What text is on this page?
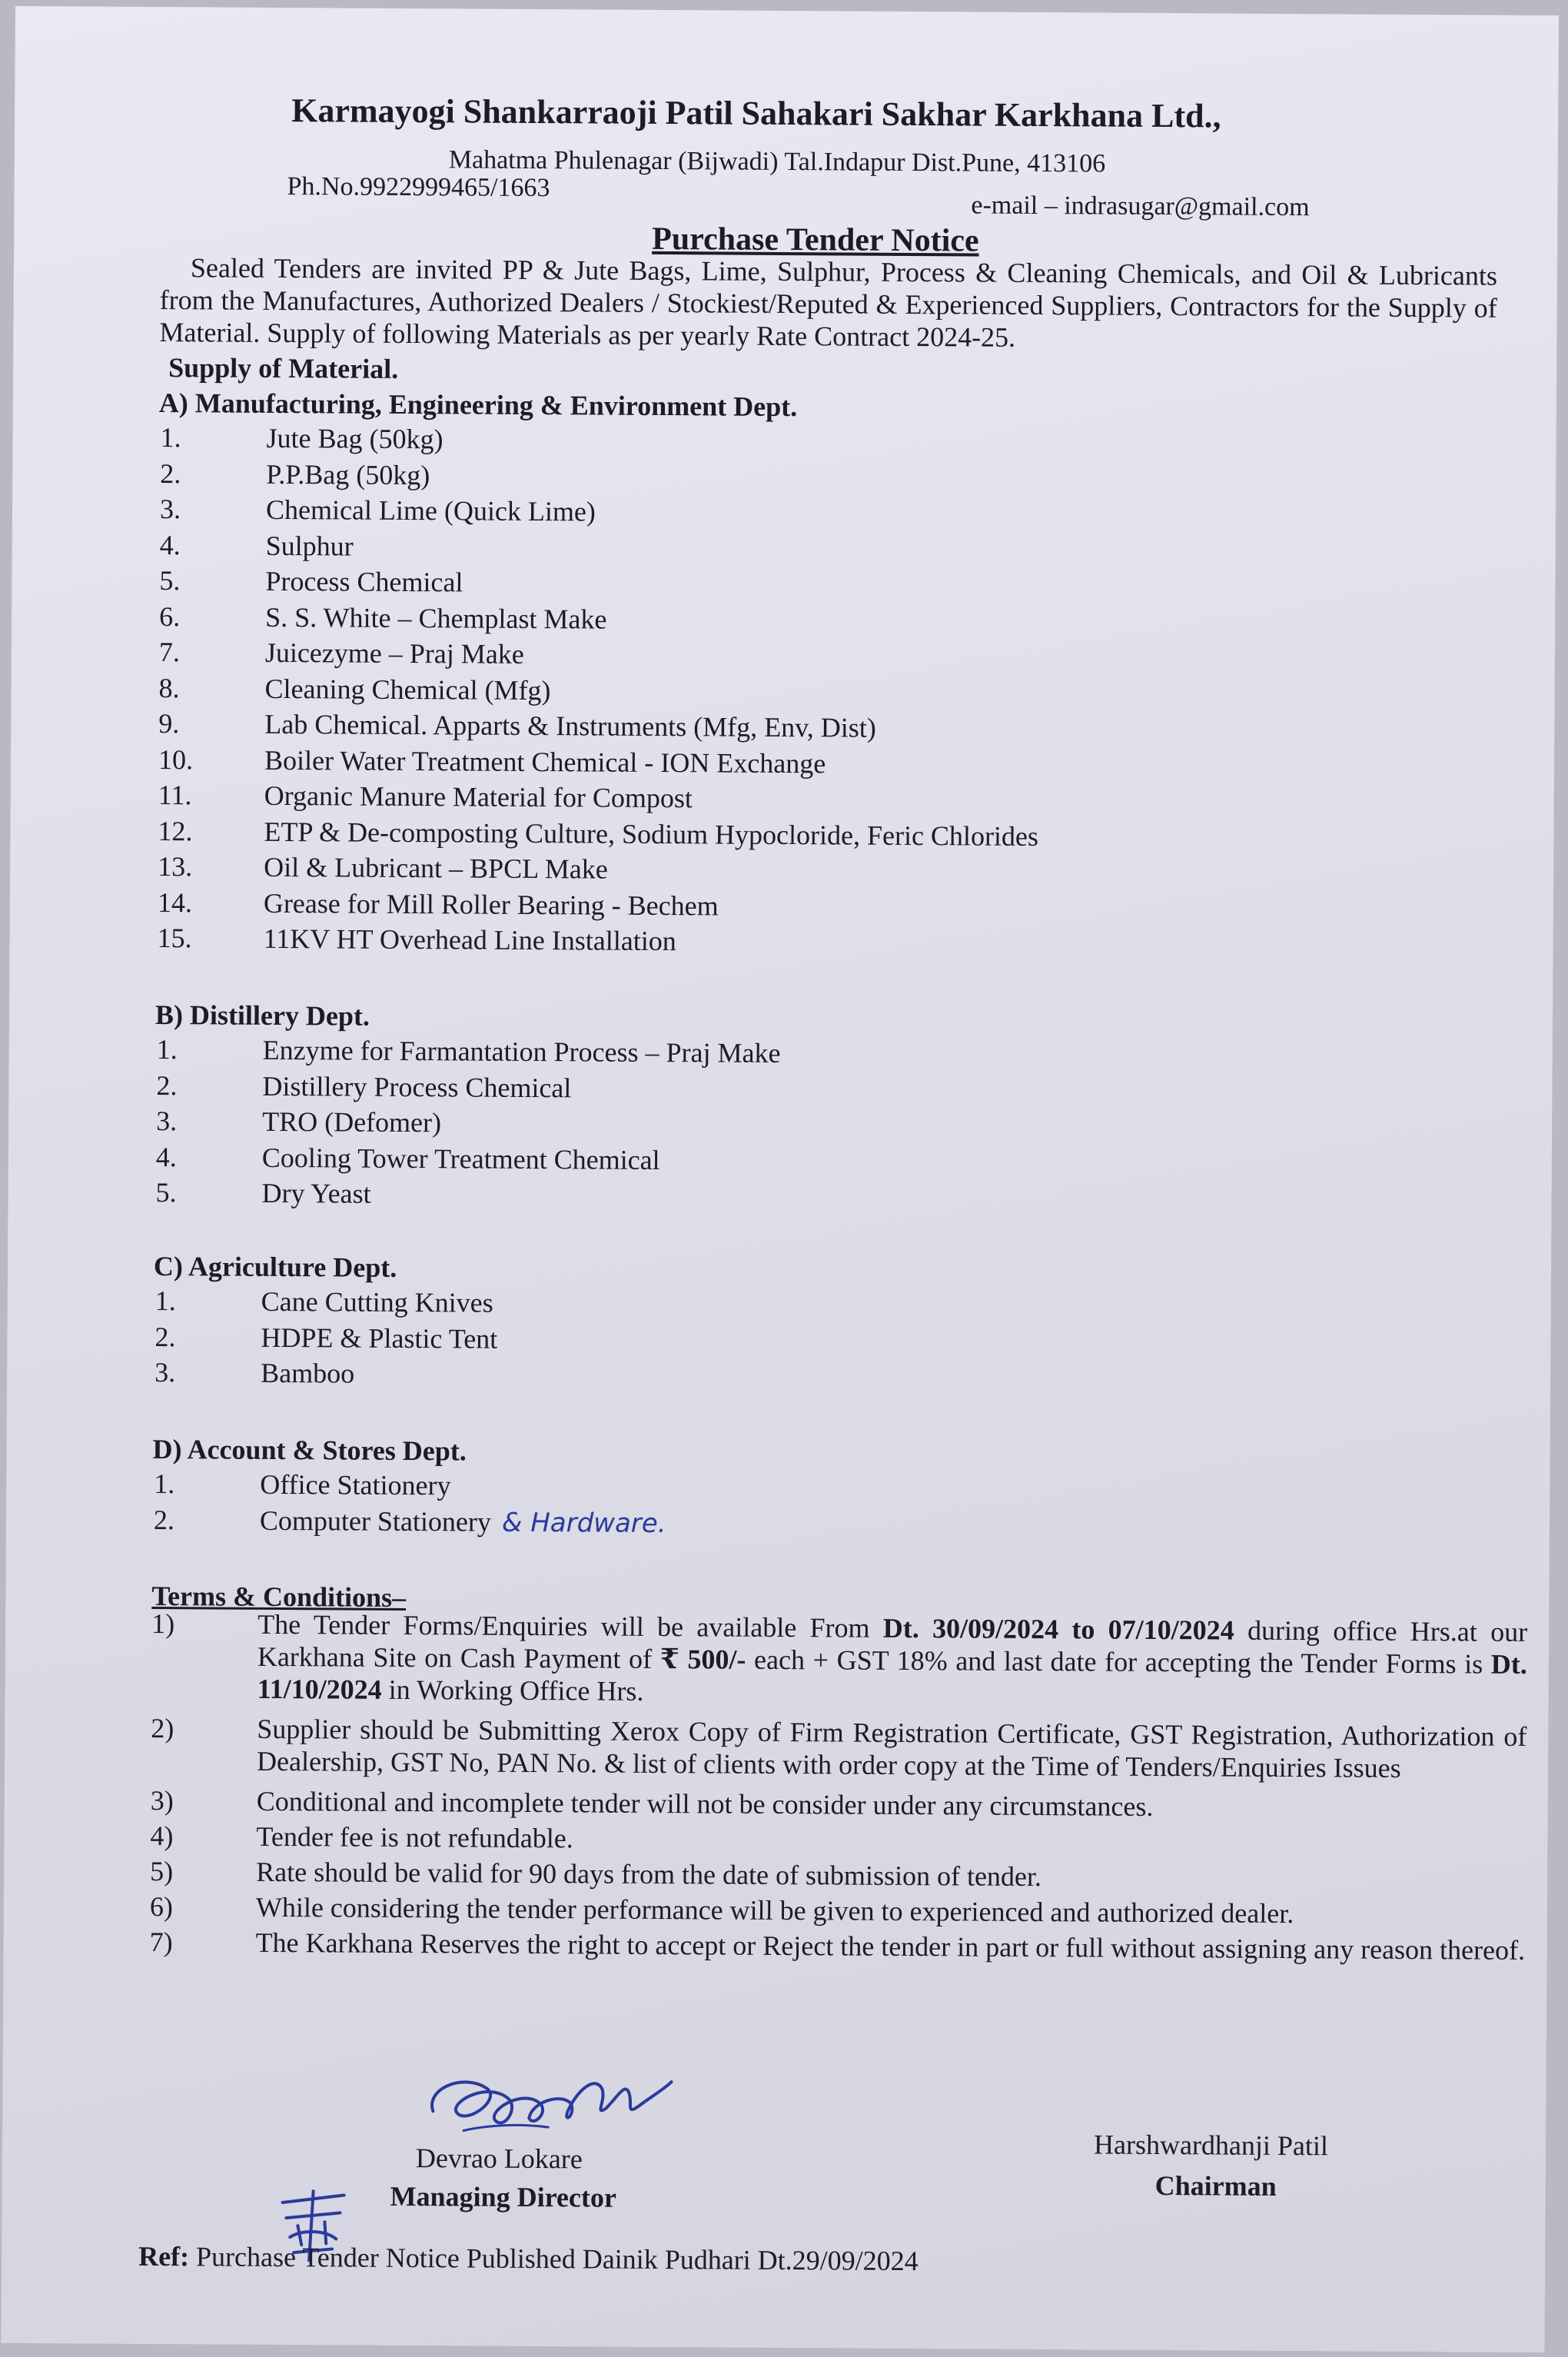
Karmayogi Shankarraoji Patil Sahakari Sakhar Karkhana Ltd.,
Mahatma Phulenagar (Bijwadi) Tal.Indapur Dist.Pune, 413106
Ph.No.9922999465/1663
e-mail – indrasugar@gmail.com
Purchase Tender Notice

Sealed Tenders are invited PP & Jute Bags, Lime, Sulphur, Process & Cleaning Chemicals, and Oil & Lubricants from the Manufactures, Authorized Dealers / Stockiest/Reputed & Experienced Suppliers, Contractors for the Supply of Material. Supply of following Materials as per yearly Rate Contract 2024-25.

Supply of Material.
A) Manufacturing, Engineering & Environment Dept.
1.	Jute Bag (50kg)
2.	P.P.Bag (50kg)
3.	Chemical Lime (Quick Lime)
4.	Sulphur
5.	Process Chemical
6.	S. S. White – Chemplast Make
7.	Juicezyme – Praj Make
8.	Cleaning Chemical (Mfg)
9.	Lab Chemical. Apparts & Instruments (Mfg, Env, Dist)
10.	Boiler Water Treatment Chemical - ION Exchange
11.	Organic Manure Material for Compost
12.	ETP & De-composting Culture, Sodium Hypocloride, Feric Chlorides
13.	Oil & Lubricant – BPCL Make
14.	Grease for Mill Roller Bearing - Bechem
15.	11KV HT Overhead Line Installation
B) Distillery Dept.
1.	Enzyme for Farmantation Process – Praj Make
2.	Distillery Process Chemical
3.	TRO (Defomer)
4.	Cooling Tower Treatment Chemical
5.	Dry Yeast
C) Agriculture Dept.
1.	Cane Cutting Knives
2.	HDPE & Plastic Tent
3.	Bamboo
D) Account & Stores Dept.
1.	Office Stationery
2.	Computer Stationery & Hardware.
Terms & Conditions–
1)	The Tender Forms/Enquiries will be available From Dt. 30/09/2024 to 07/10/2024 during office Hrs.at our Karkhana Site on Cash Payment of ₹ 500/- each + GST 18% and last date for accepting the Tender Forms is Dt. 11/10/2024 in Working Office Hrs.
2)	Supplier should be Submitting Xerox Copy of Firm Registration Certificate, GST Registration, Authorization of Dealership, GST No, PAN No. & list of clients with order copy at the Time of Tenders/Enquiries Issues
3)	Conditional and incomplete tender will not be consider under any circumstances.
4)	Tender fee is not refundable.
5)	Rate should be valid for 90 days from the date of submission of tender.
6)	While considering the tender performance will be given to experienced and authorized dealer.
7)	The Karkhana Reserves the right to accept or Reject the tender in part or full without assigning any reason thereof.
Devrao Lokare
Managing Director
Harshwardhanji Patil
Chairman
Ref: Purchase Tender Notice Published Dainik Pudhari Dt.29/09/2024
